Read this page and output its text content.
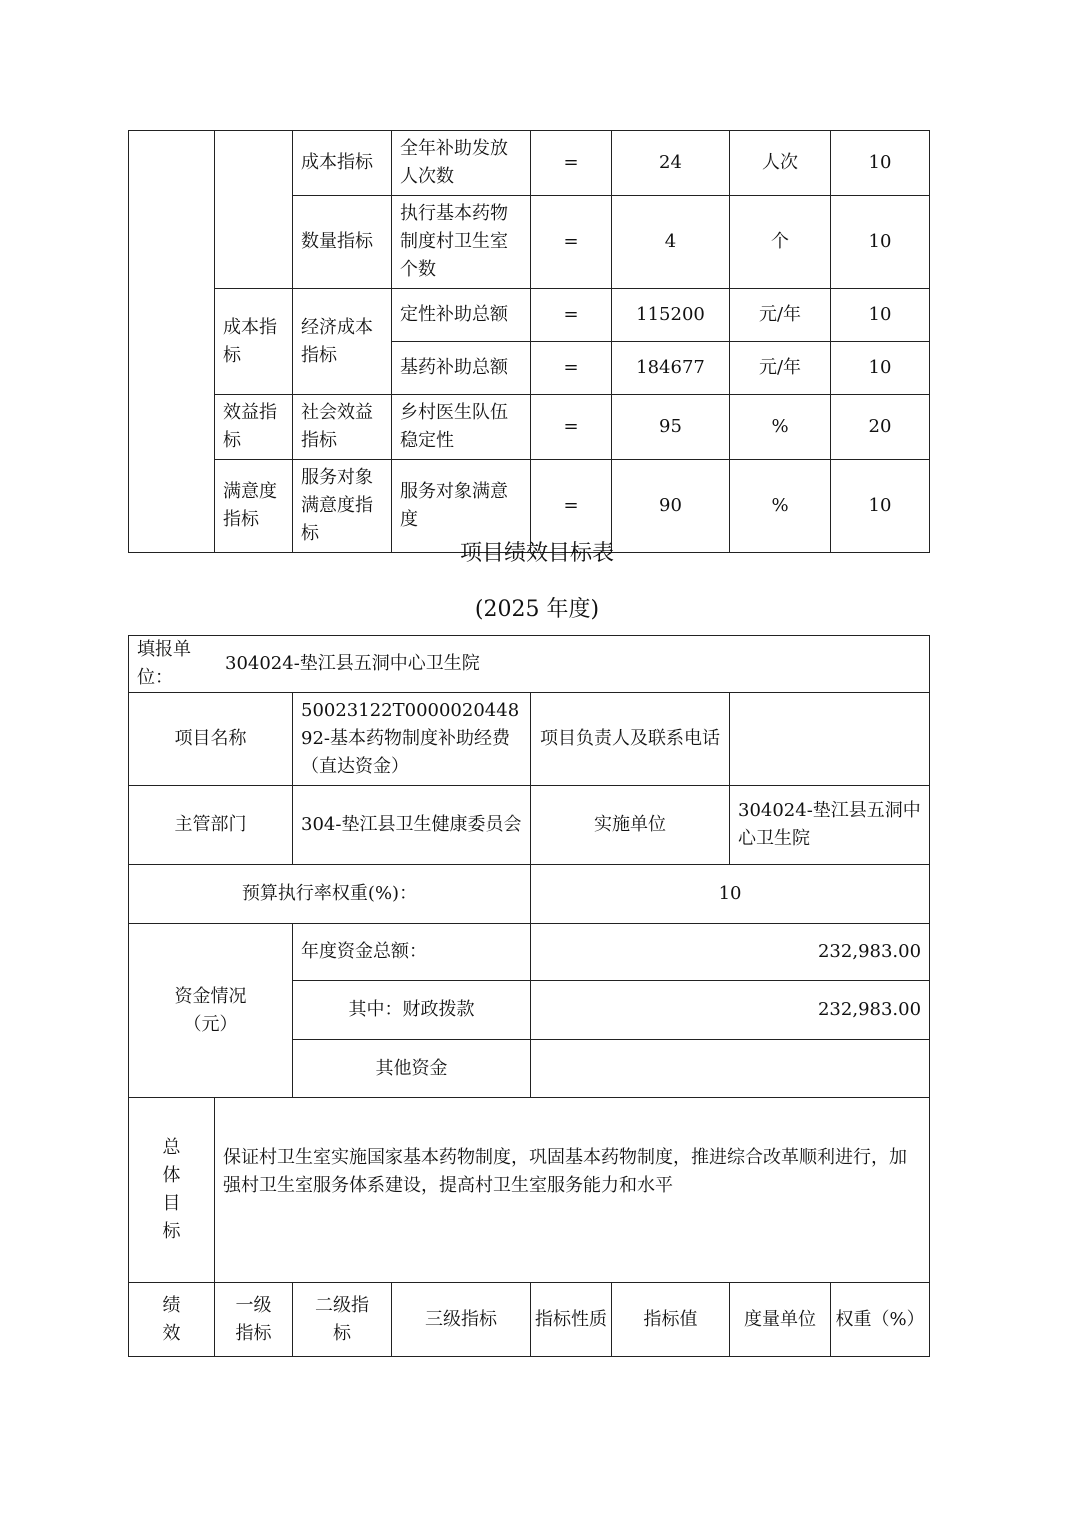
		成本指标	全年补助发放人次数	=	24	人次	10
		数量指标	执行基本药物制度村卫生室个数	=	4	个	10
	成本指标	经济成本指标	定性补助总额	=	115200	元/年	10
			基药补助总额	=	184677	元/年	10
	效益指标	社会效益指标	乡村医生队伍稳定性	=	95	%	20
	满意度指标	服务对象满意度指标	服务对象满意度	=	90	%	10
项目绩效目标表
(2025 年度)
填报单位：
304024-垫江县五洞中心卫生院							

项目名称		50023122T000002044892-基本药物制度补助经费（直达资金）		项目负责人及联系电话			
主管部门		304-垫江县卫生健康委员会		实施单位		304024-垫江县五洞中心卫生院	
预算执行率权重(%)：				10			
资金情况（元）		年度资金总额：		232,983.00			
		其中：财政拨款		232,983.00			
		其他资金					
总体目标	保证村卫生室实施国家基本药物制度，巩固基本药物制度，推进综合改革顺利进行，加强村卫生室服务体系建设，提高村卫生室服务能力和水平						
绩效	一级指标	二级指标	三级指标	指标性质	指标值	度量单位	权重（%）
